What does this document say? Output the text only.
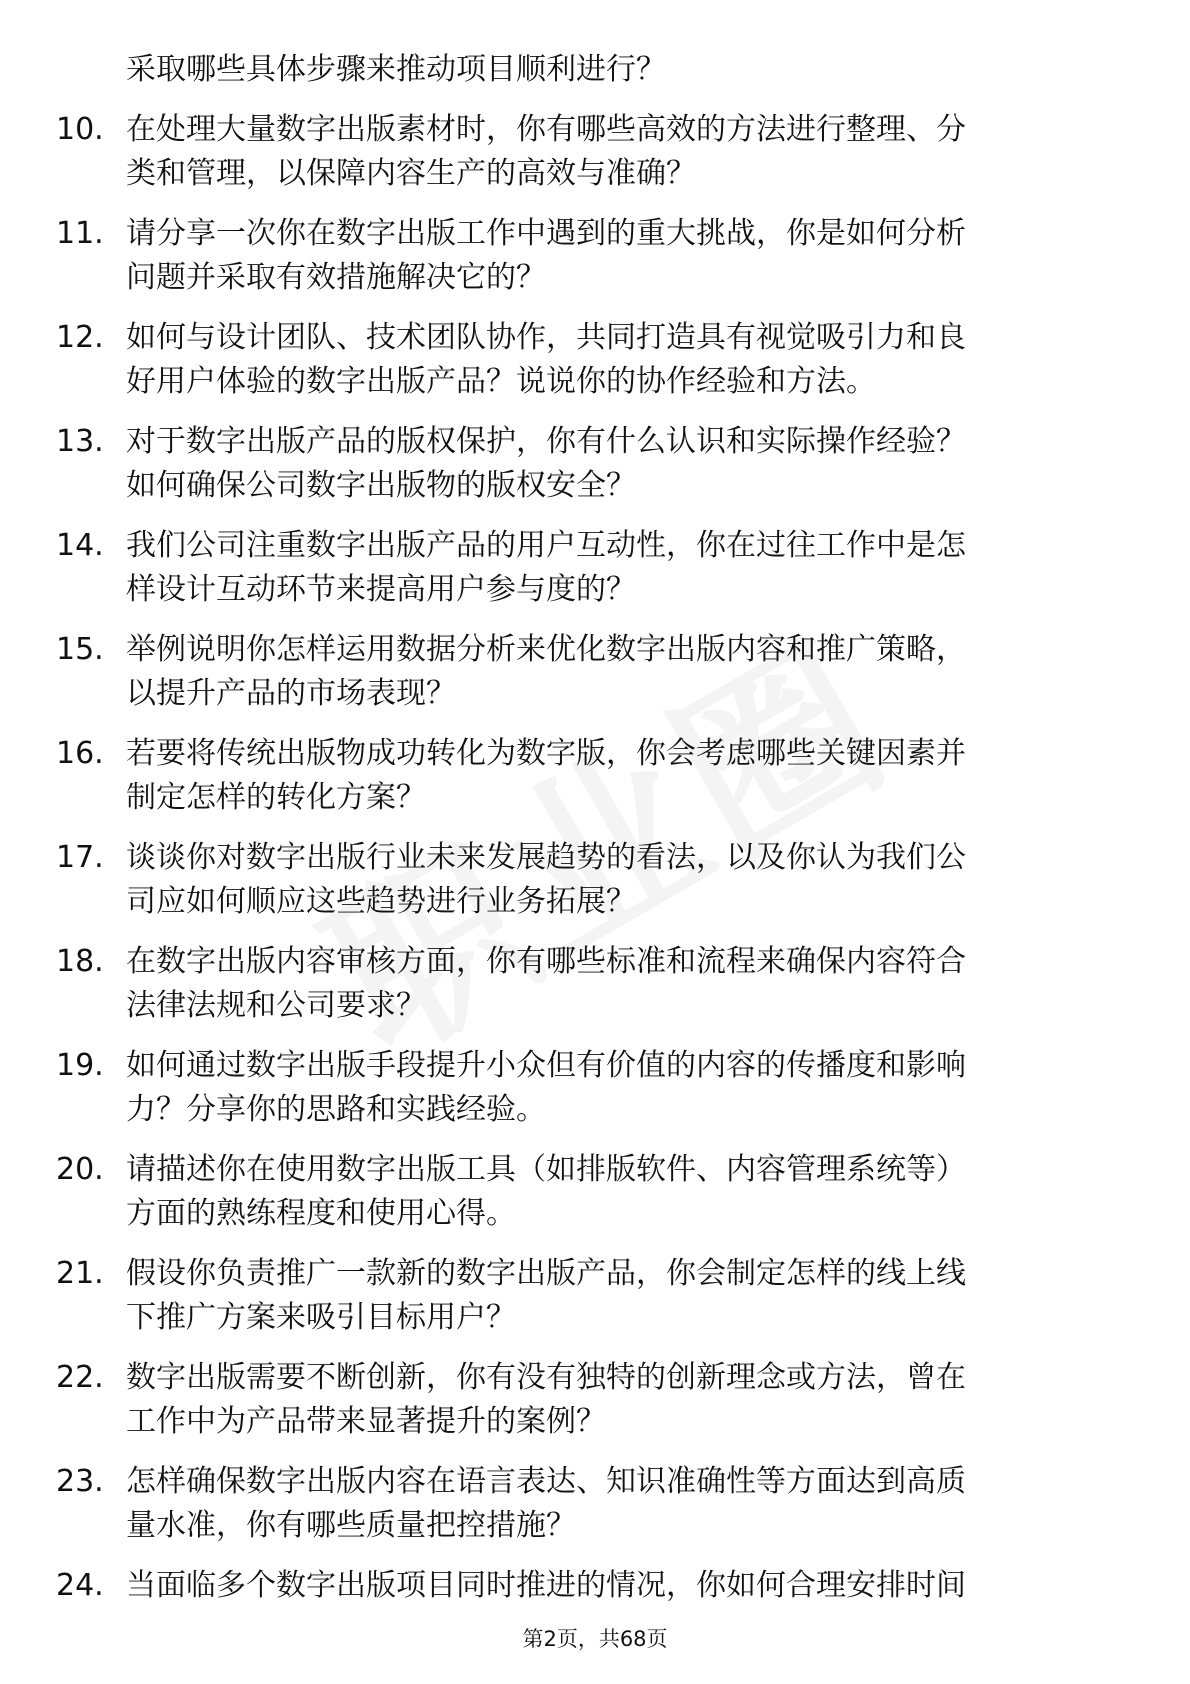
采取哪些具体步骤来推动项目顺利进行？
10. 在处理大量数字出版素材时，你有哪些高效的方法进行整理、分
类和管理，以保障内容生产的高效与准确？
11. 请分享一次你在数字出版工作中遇到的重大挑战，你是如何分析
问题并采取有效措施解决它的？
12. 如何与设计团队、技术团队协作，共同打造具有视觉吸引力和良
好用户体验的数字出版产品？说说你的协作经验和方法。
13. 对于数字出版产品的版权保护，你有什么认识和实际操作经验？
如何确保公司数字出版物的版权安全？
14. 我们公司注重数字出版产品的用户互动性，你在过往工作中是怎
样设计互动环节来提高用户参与度的？
15. 举例说明你怎样运用数据分析来优化数字出版内容和推广策略，
以提升产品的市场表现？
16. 若要将传统出版物成功转化为数字版，你会考虑哪些关键因素并
制定怎样的转化方案？
17. 谈谈你对数字出版行业未来发展趋势的看法，以及你认为我们公
司应如何顺应这些趋势进行业务拓展？
18. 在数字出版内容审核方面，你有哪些标准和流程来确保内容符合
法律法规和公司要求？
19. 如何通过数字出版手段提升小众但有价值的内容的传播度和影响
力？分享你的思路和实践经验。
20. 请描述你在使用数字出版工具（如排版软件、内容管理系统等）
方面的熟练程度和使用心得。
21. 假设你负责推广一款新的数字出版产品，你会制定怎样的线上线
下推广方案来吸引目标用户？
22. 数字出版需要不断创新，你有没有独特的创新理念或方法，曾在
工作中为产品带来显著提升的案例？
23. 怎样确保数字出版内容在语言表达、知识准确性等方面达到高质
量水准，你有哪些质量把控措施？
24. 当面临多个数字出版项目同时推进的情况，你如何合理安排时间
第2页，共68页
